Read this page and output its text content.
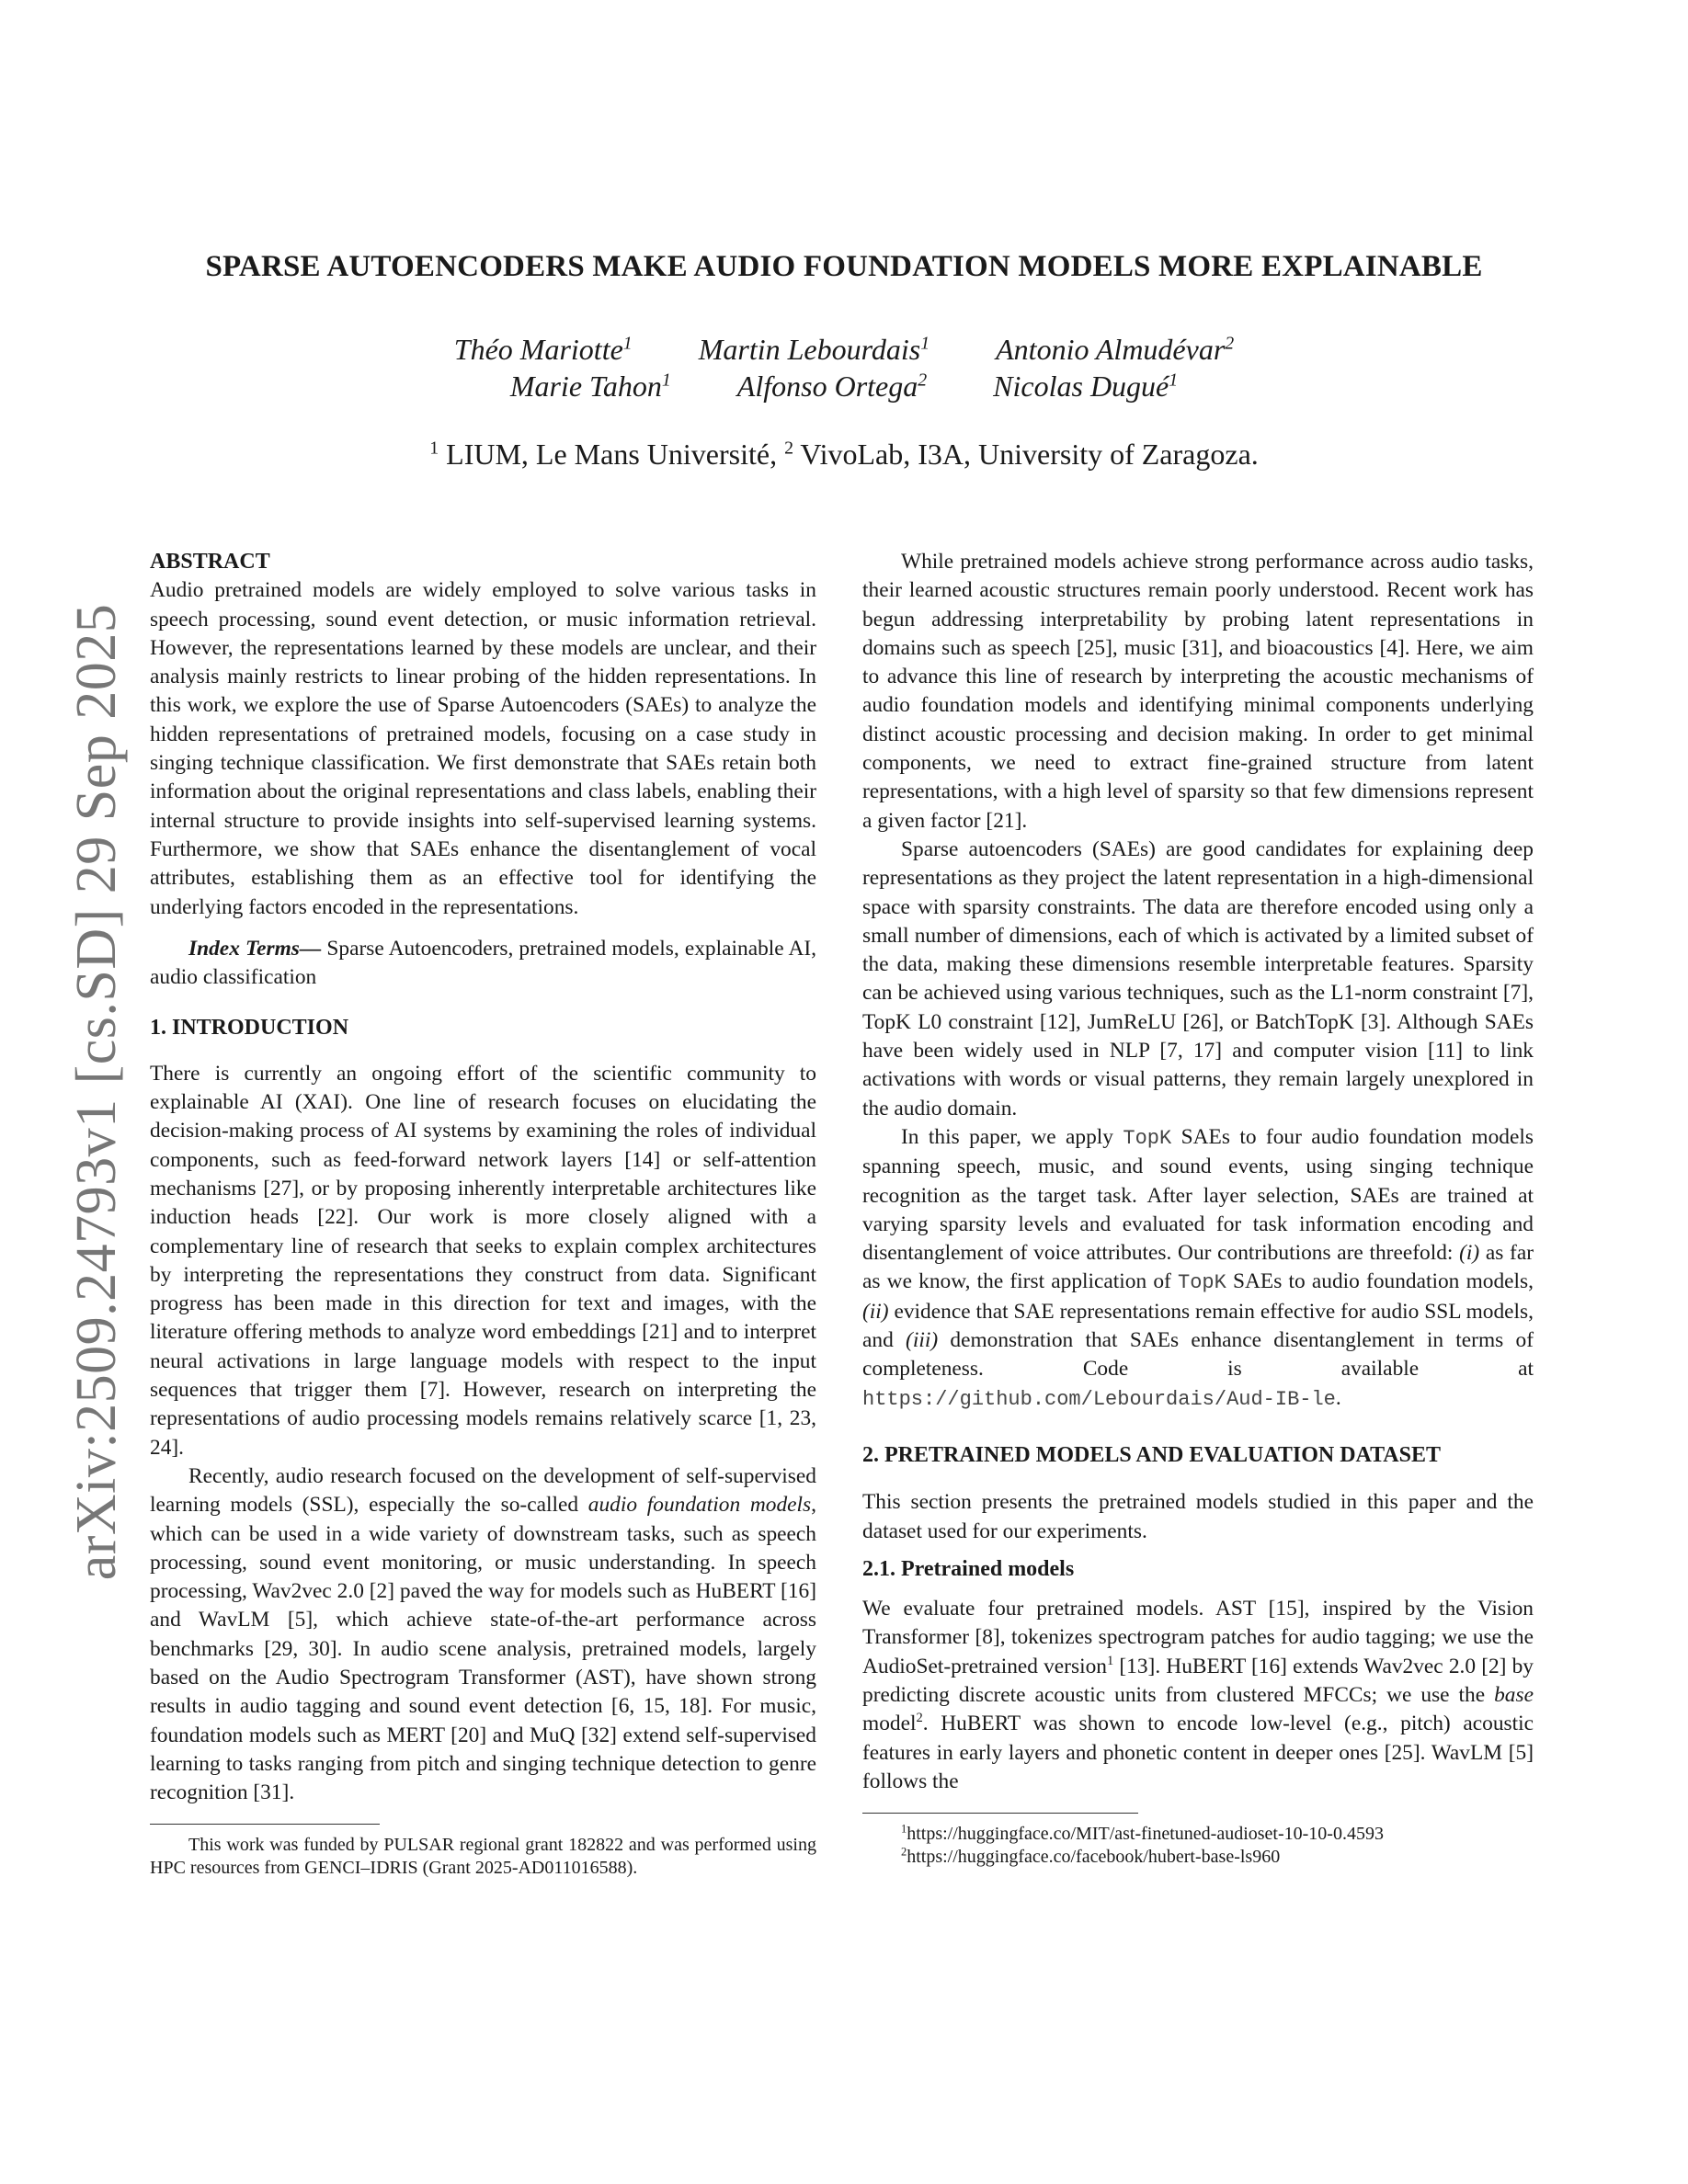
arXiv:2509.24793v1 [cs.SD] 29 Sep 2025
SPARSE AUTOENCODERS MAKE AUDIO FOUNDATION MODELS MORE EXPLAINABLE
Théo Mariotte$^1$ Martin Lebourdais$^1$ Antonio Almudévar$^2$
Marie Tahon$^1$ Alfonso Ortega$^2$ Nicolas Dugué$^1$
$^1$ LIUM, Le Mans Université, $^2$ VivoLab, I3A, University of Zaragoza.

ABSTRACT

Audio pretrained models are widely employed to solve various tasks in speech processing, sound event detection, or music information retrieval. However, the representations learned by these models are unclear, and their analysis mainly restricts to linear probing of the hidden representations. In this work, we explore the use of Sparse Autoencoders (SAEs) to analyze the hidden representations of pretrained models, focusing on a case study in singing technique classification. We first demonstrate that SAEs retain both information about the original representations and class labels, enabling their internal structure to provide insights into self-supervised learning systems. Furthermore, we show that SAEs enhance the disentanglement of vocal attributes, establishing them as an effective tool for identifying the underlying factors encoded in the representations.

Index Terms— Sparse Autoencoders, pretrained models, explainable AI, audio classification

1. INTRODUCTION

There is currently an ongoing effort of the scientific community to explainable AI (XAI). One line of research focuses on elucidating the decision-making process of AI systems by examining the roles of individual components, such as feed-forward network layers [14] or self-attention mechanisms [27], or by proposing inherently interpretable architectures like induction heads [22]. Our work is more closely aligned with a complementary line of research that seeks to explain complex architectures by interpreting the representations they construct from data. Significant progress has been made in this direction for text and images, with the literature offering methods to analyze word embeddings [21] and to interpret neural activations in large language models with respect to the input sequences that trigger them [7]. However, research on interpreting the representations of audio processing models remains relatively scarce [1, 23, 24].

Recently, audio research focused on the development of self-supervised learning models (SSL), especially the so-called audio foundation models, which can be used in a wide variety of downstream tasks, such as speech processing, sound event monitoring, or music understanding. In speech processing, Wav2vec 2.0 [2] paved the way for models such as HuBERT [16] and WavLM [5], which achieve state-of-the-art performance across benchmarks [29, 30]. In audio scene analysis, pretrained models, largely based on the Audio Spectrogram Transformer (AST), have shown strong results in audio tagging and sound event detection [6, 15, 18]. For music, foundation models such as MERT [20] and MuQ [32] extend self-supervised learning to tasks ranging from pitch and singing technique detection to genre recognition [31].

This work was funded by PULSAR regional grant 182822 and was performed using HPC resources from GENCI–IDRIS (Grant 2025-AD011016588).

While pretrained models achieve strong performance across audio tasks, their learned acoustic structures remain poorly understood. Recent work has begun addressing interpretability by probing latent representations in domains such as speech [25], music [31], and bioacoustics [4]. Here, we aim to advance this line of research by interpreting the acoustic mechanisms of audio foundation models and identifying minimal components underlying distinct acoustic processing and decision making. In order to get minimal components, we need to extract fine-grained structure from latent representations, with a high level of sparsity so that few dimensions represent a given factor [21].

Sparse autoencoders (SAEs) are good candidates for explaining deep representations as they project the latent representation in a high-dimensional space with sparsity constraints. The data are therefore encoded using only a small number of dimensions, each of which is activated by a limited subset of the data, making these dimensions resemble interpretable features. Sparsity can be achieved using various techniques, such as the L1-norm constraint [7], TopK L0 constraint [12], JumReLU [26], or BatchTopK [3]. Although SAEs have been widely used in NLP [7, 17] and computer vision [11] to link activations with words or visual patterns, they remain largely unexplored in the audio domain.

In this paper, we apply TopK SAEs to four audio foundation models spanning speech, music, and sound events, using singing technique recognition as the target task. After layer selection, SAEs are trained at varying sparsity levels and evaluated for task information encoding and disentanglement of voice attributes. Our contributions are threefold: (i) as far as we know, the first application of TopK SAEs to audio foundation models, (ii) evidence that SAE representations remain effective for audio SSL models, and (iii) demonstration that SAEs enhance disentanglement in terms of completeness. Code is available at https://github.com/Lebourdais/Aud-IB-le.

2. PRETRAINED MODELS AND EVALUATION DATASET

This section presents the pretrained models studied in this paper and the dataset used for our experiments.

2.1. Pretrained models

We evaluate four pretrained models. AST [15], inspired by the Vision Transformer [8], tokenizes spectrogram patches for audio tagging; we use the AudioSet-pretrained version$^1$ [13]. HuBERT [16] extends Wav2vec 2.0 [2] by predicting discrete acoustic units from clustered MFCCs; we use the base model$^2$. HuBERT was shown to encode low-level (e.g., pitch) acoustic features in early layers and phonetic content in deeper ones [25]. WavLM [5] follows the

$^1$https://huggingface.co/MIT/ast-finetuned-audioset-10-10-0.4593

$^2$https://huggingface.co/facebook/hubert-base-ls960
